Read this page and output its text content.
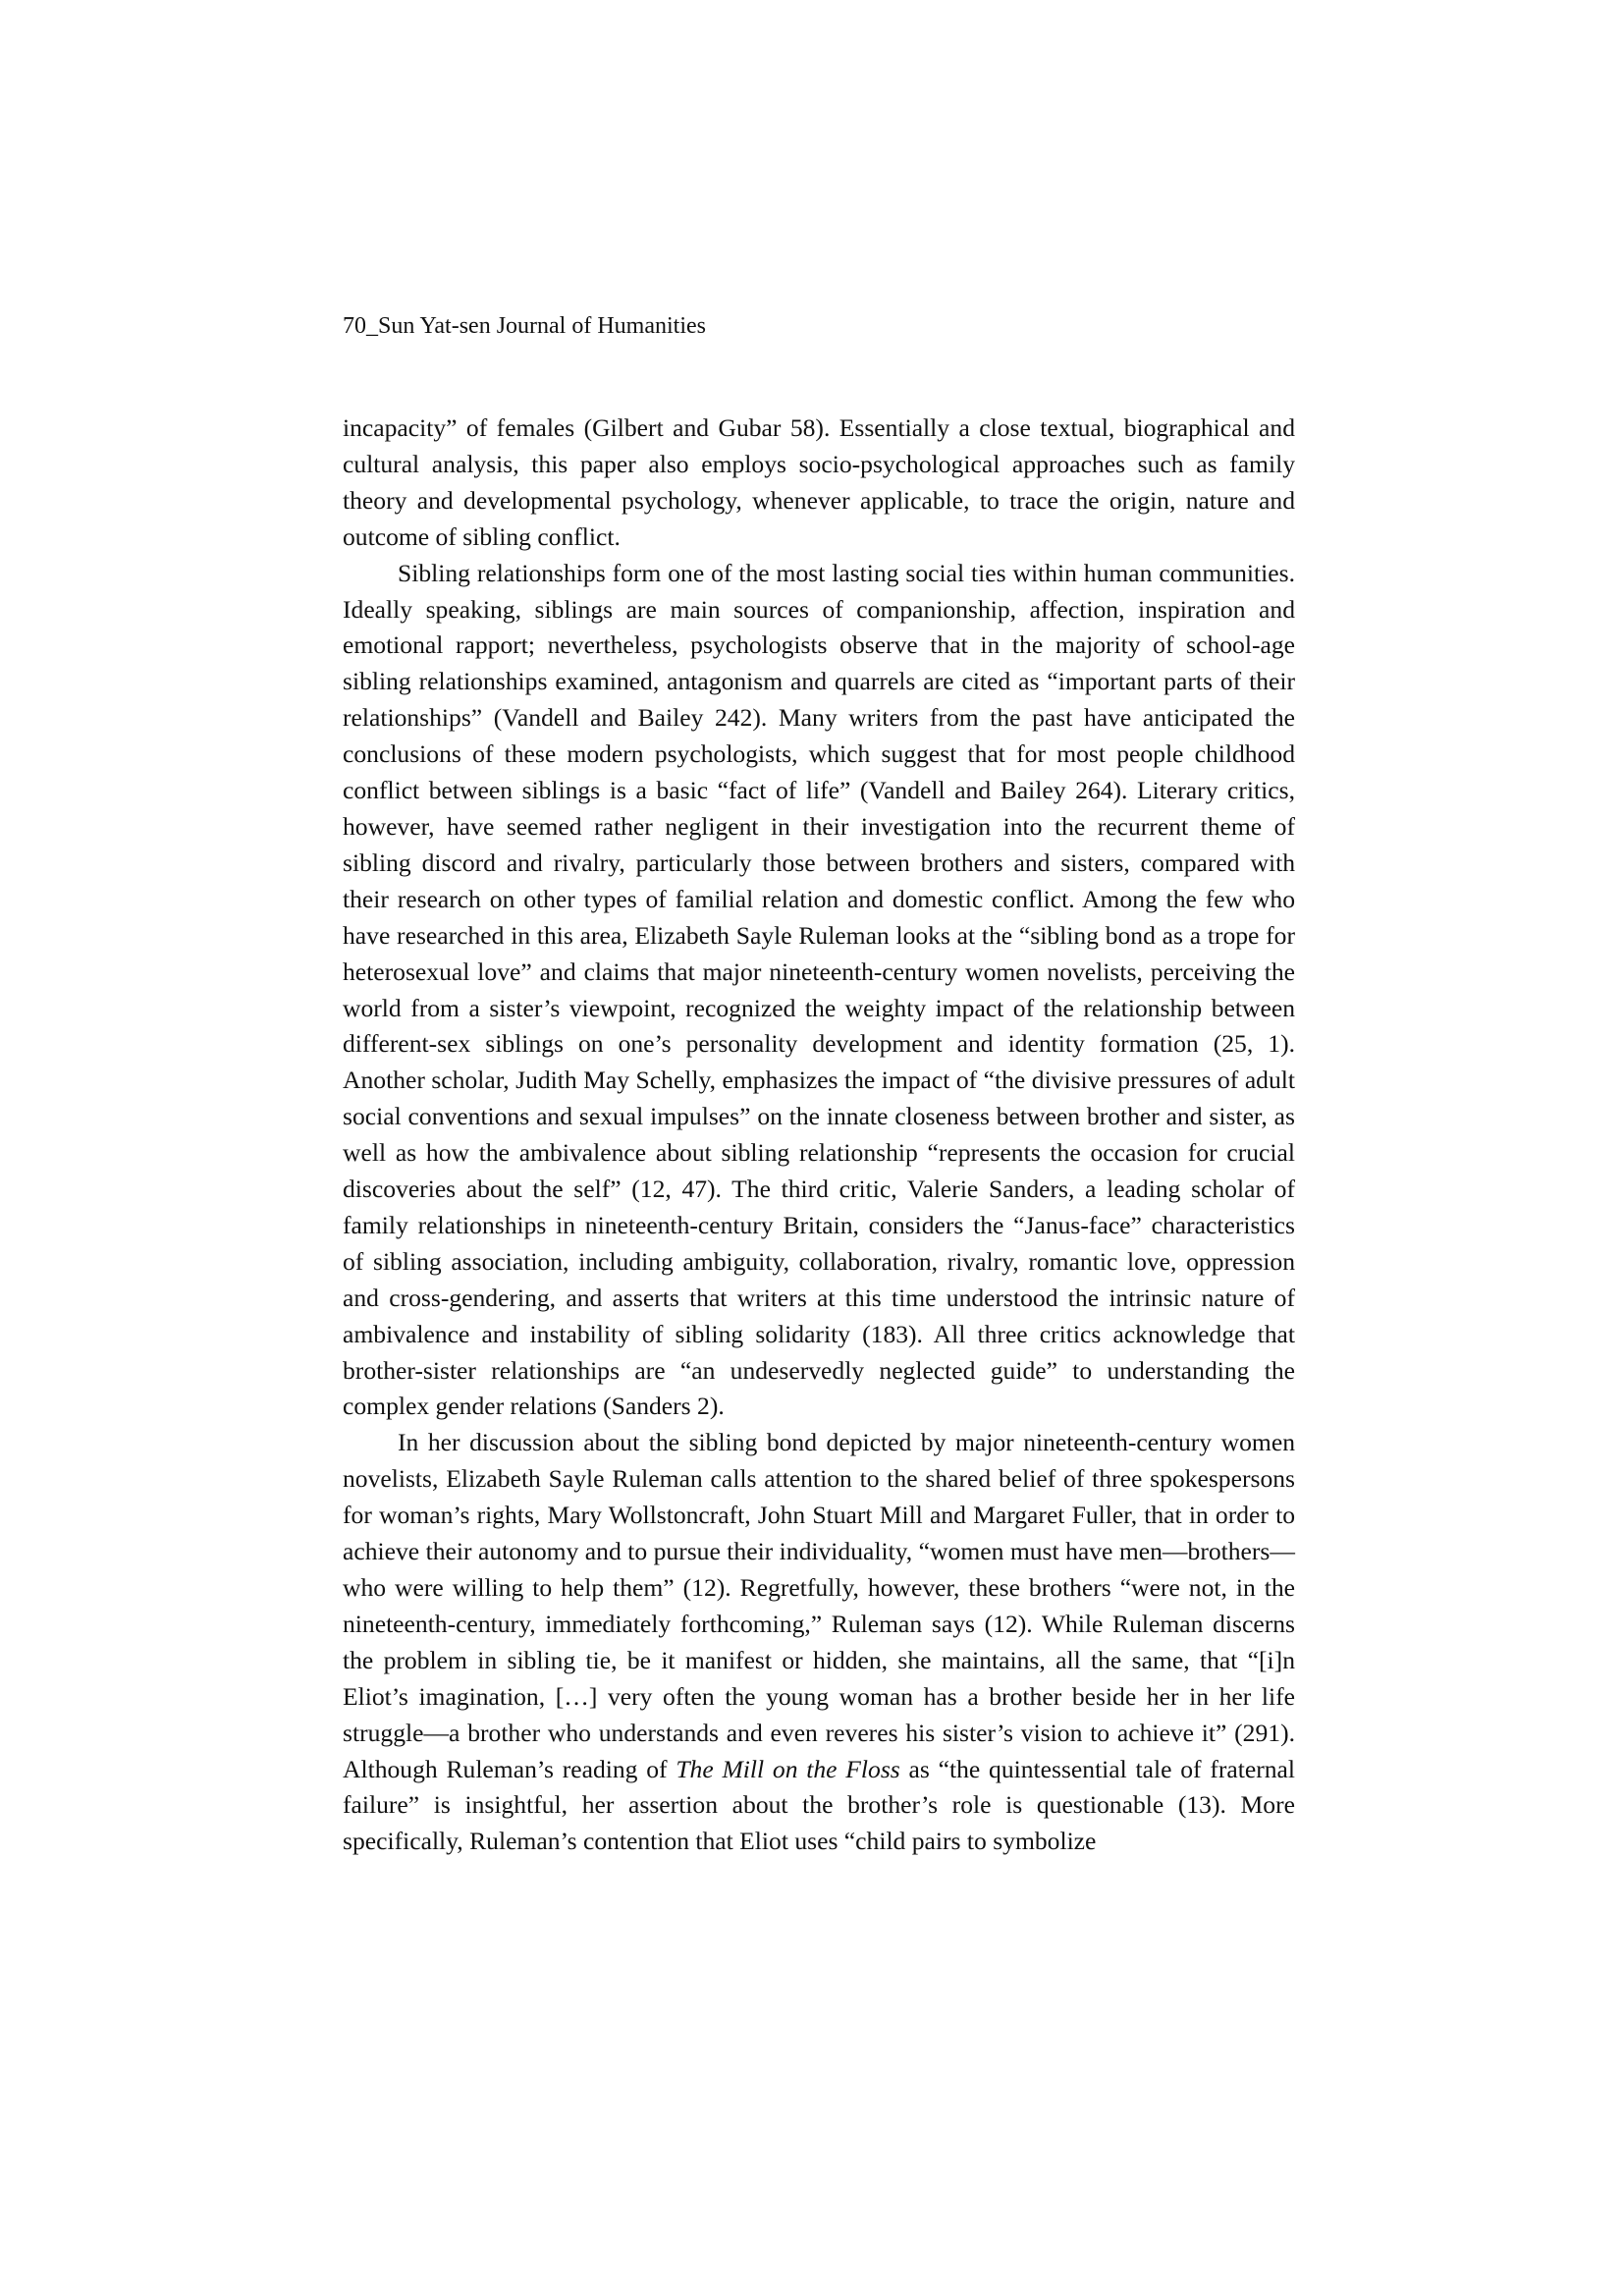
70_Sun Yat-sen Journal of Humanities

incapacity” of females (Gilbert and Gubar 58). Essentially a close textual, biographical and cultural analysis, this paper also employs socio-psychological approaches such as family theory and developmental psychology, whenever applicable, to trace the origin, nature and outcome of sibling conflict.

Sibling relationships form one of the most lasting social ties within human communities. Ideally speaking, siblings are main sources of companionship, affection, inspiration and emotional rapport; nevertheless, psychologists observe that in the majority of school-age sibling relationships examined, antagonism and quarrels are cited as “important parts of their relationships” (Vandell and Bailey 242). Many writers from the past have anticipated the conclusions of these modern psychologists, which suggest that for most people childhood conflict between siblings is a basic “fact of life” (Vandell and Bailey 264). Literary critics, however, have seemed rather negligent in their investigation into the recurrent theme of sibling discord and rivalry, particularly those between brothers and sisters, compared with their research on other types of familial relation and domestic conflict. Among the few who have researched in this area, Elizabeth Sayle Ruleman looks at the “sibling bond as a trope for heterosexual love” and claims that major nineteenth-century women novelists, perceiving the world from a sister’s viewpoint, recognized the weighty impact of the relationship between different-sex siblings on one’s personality development and identity formation (25, 1). Another scholar, Judith May Schelly, emphasizes the impact of “the divisive pressures of adult social conventions and sexual impulses” on the innate closeness between brother and sister, as well as how the ambivalence about sibling relationship “represents the occasion for crucial discoveries about the self” (12, 47). The third critic, Valerie Sanders, a leading scholar of family relationships in nineteenth-century Britain, considers the “Janus-face” characteristics of sibling association, including ambiguity, collaboration, rivalry, romantic love, oppression and cross-gendering, and asserts that writers at this time understood the intrinsic nature of ambivalence and instability of sibling solidarity (183). All three critics acknowledge that brother-sister relationships are “an undeservedly neglected guide” to understanding the complex gender relations (Sanders 2).

In her discussion about the sibling bond depicted by major nineteenth-century women novelists, Elizabeth Sayle Ruleman calls attention to the shared belief of three spokespersons for woman’s rights, Mary Wollstoncraft, John Stuart Mill and Margaret Fuller, that in order to achieve their autonomy and to pursue their individuality, “women must have men—brothers—who were willing to help them” (12). Regretfully, however, these brothers “were not, in the nineteenth-century, immediately forthcoming,” Ruleman says (12). While Ruleman discerns the problem in sibling tie, be it manifest or hidden, she maintains, all the same, that “[i]n Eliot’s imagination, […] very often the young woman has a brother beside her in her life struggle—a brother who understands and even reveres his sister’s vision to achieve it” (291). Although Ruleman’s reading of The Mill on the Floss as “the quintessential tale of fraternal failure” is insightful, her assertion about the brother’s role is questionable (13). More specifically, Ruleman’s contention that Eliot uses “child pairs to symbolize
